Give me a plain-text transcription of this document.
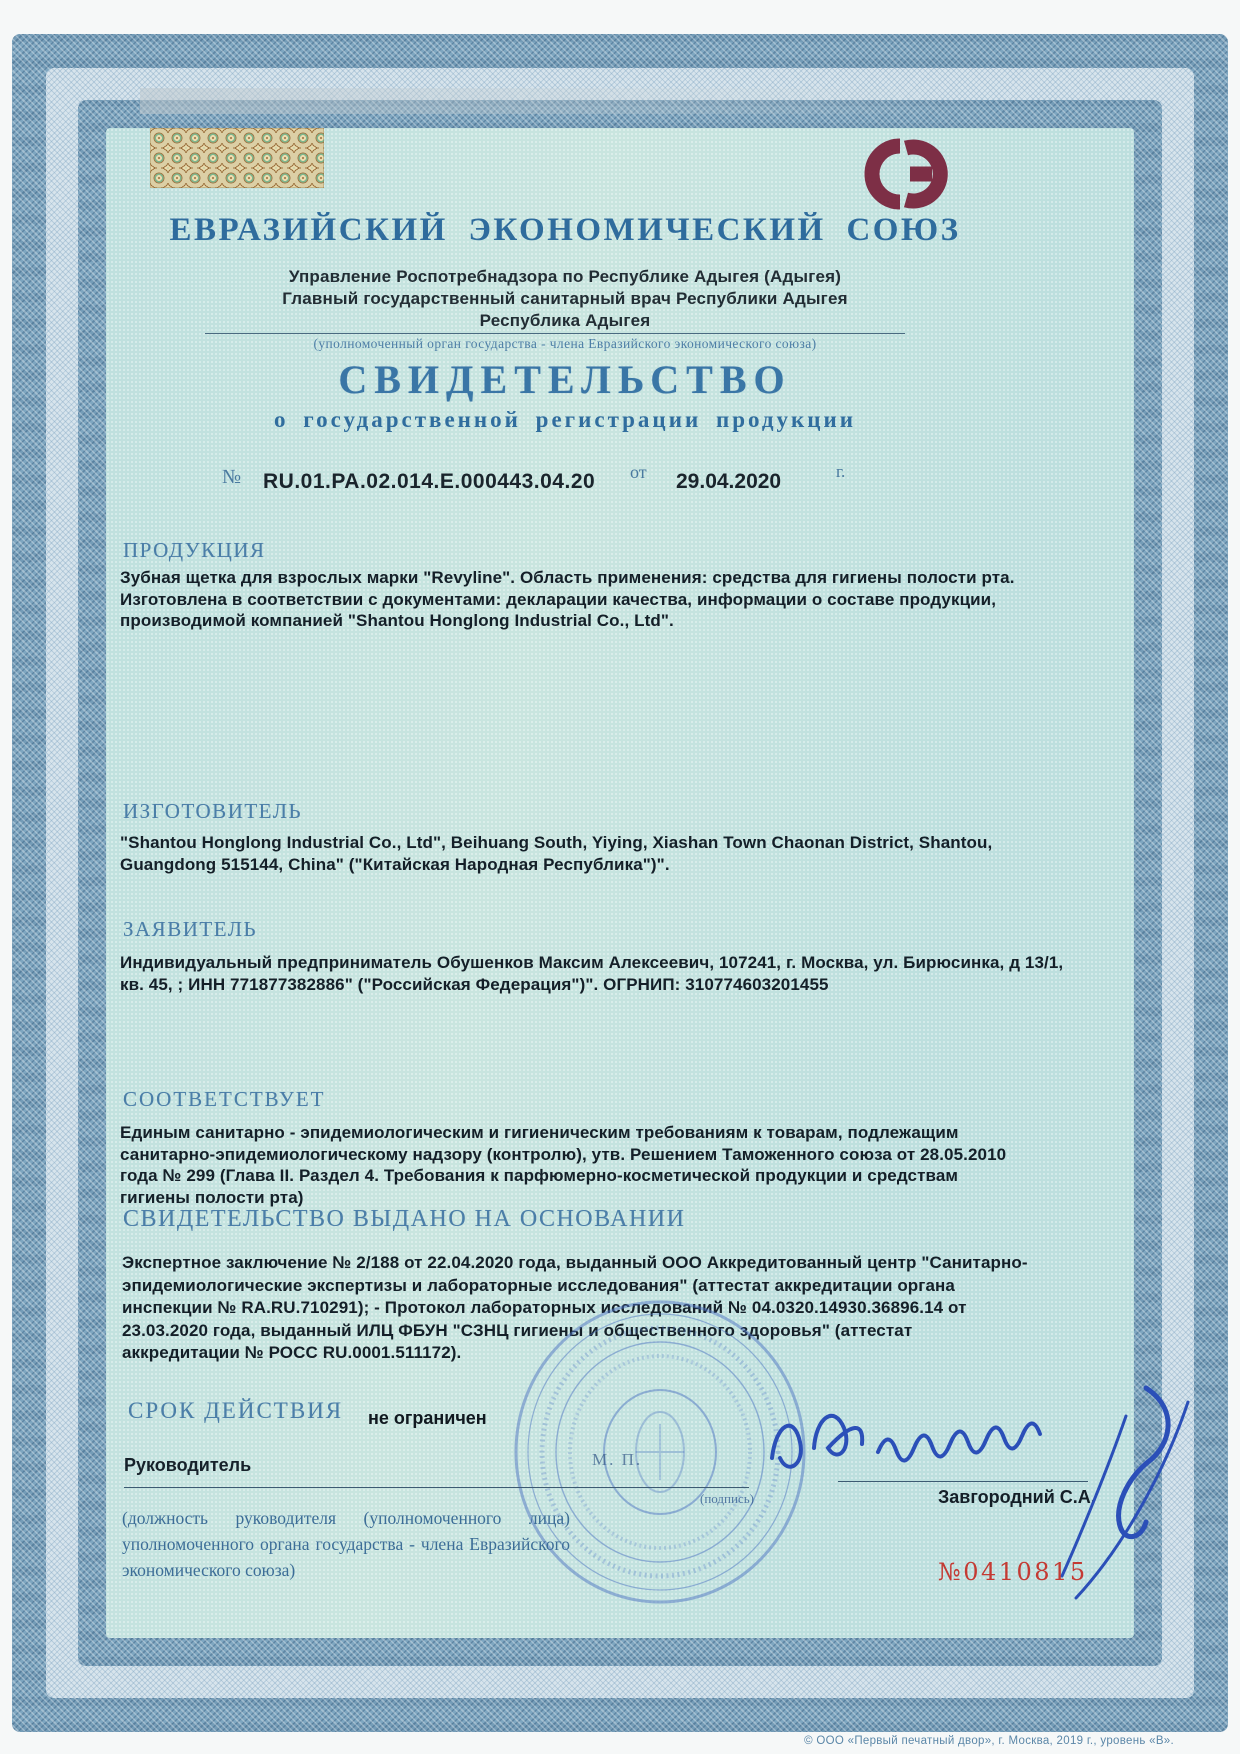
ЕВРАЗИЙСКИЙ ЭКОНОМИЧЕСКИЙ СОЮЗ
Управление Роспотребнадзора по Республике Адыгея (Адыгея)
Главный государственный санитарный врач Республики Адыгея
Республика Адыгея
(уполномоченный орган государства - члена Евразийского экономического союза)
СВИДЕТЕЛЬСТВО
о государственной регистрации продукции
№ RU.01.PA.02.014.E.000443.04.20 от 29.04.2020	г.
ПРОДУКЦИЯ
Зубная щетка для взрослых марки "Revyline". Область применения: средства для гигиены полости рта. Изготовлена в соответствии с документами: декларации качества, информации о составе продукции, производимой компанией "Shantou Honglong Industrial Co., Ltd".
ИЗГОТОВИТЕЛЬ
"Shantou Honglong Industrial Co., Ltd", Beihuang South, Yiying, Xiashan Town Chaonan District, Shantou, Guangdong 515144, China" ("Китайская Народная Республика")".
ЗАЯВИТЕЛЬ
Индивидуальный предприниматель Обушенков Максим Алексеевич, 107241, г. Москва, ул. Бирюсинка, д 13/1, кв. 45, ; ИНН 771877382886" ("Российская Федерация")". ОГРНИП: 310774603201455
СООТВЕТСТВУЕТ
Единым санитарно - эпидемиологическим и гигиеническим требованиям к товарам, подлежащим санитарно-эпидемиологическому надзору (контролю), утв. Решением Таможенного союза от 28.05.2010 года № 299 (Глава II. Раздел 4. Требования к парфюмерно-косметической продукции и средствам гигиены полости рта)
СВИДЕТЕЛЬСТВО ВЫДАНО НА ОСНОВАНИИ
Экспертное заключение № 2/188 от 22.04.2020 года, выданный ООО Аккредитованный центр "Санитарно-эпидемиологические экспертизы и лабораторные исследования" (аттестат аккредитации органа инспекции № RA.RU.710291); - Протокол лабораторных исследований № 04.0320.14930.36896.14 от 23.03.2020 года, выданный ИЛЦ ФБУН "СЗНЦ гигиены и общественного здоровья" (аттестат аккредитации № РОСС RU.0001.511172).
СРОК ДЕЙСТВИЯ не ограничен
Руководитель	М. П.
(подпись)	Завгородний С.А.
(должность руководителя (уполномоченного лица) уполномоченного органа государства - члена Евразийского экономического союза)	№0410815
© ООО «Первый печатный двор», г. Москва, 2019 г., уровень «В».
